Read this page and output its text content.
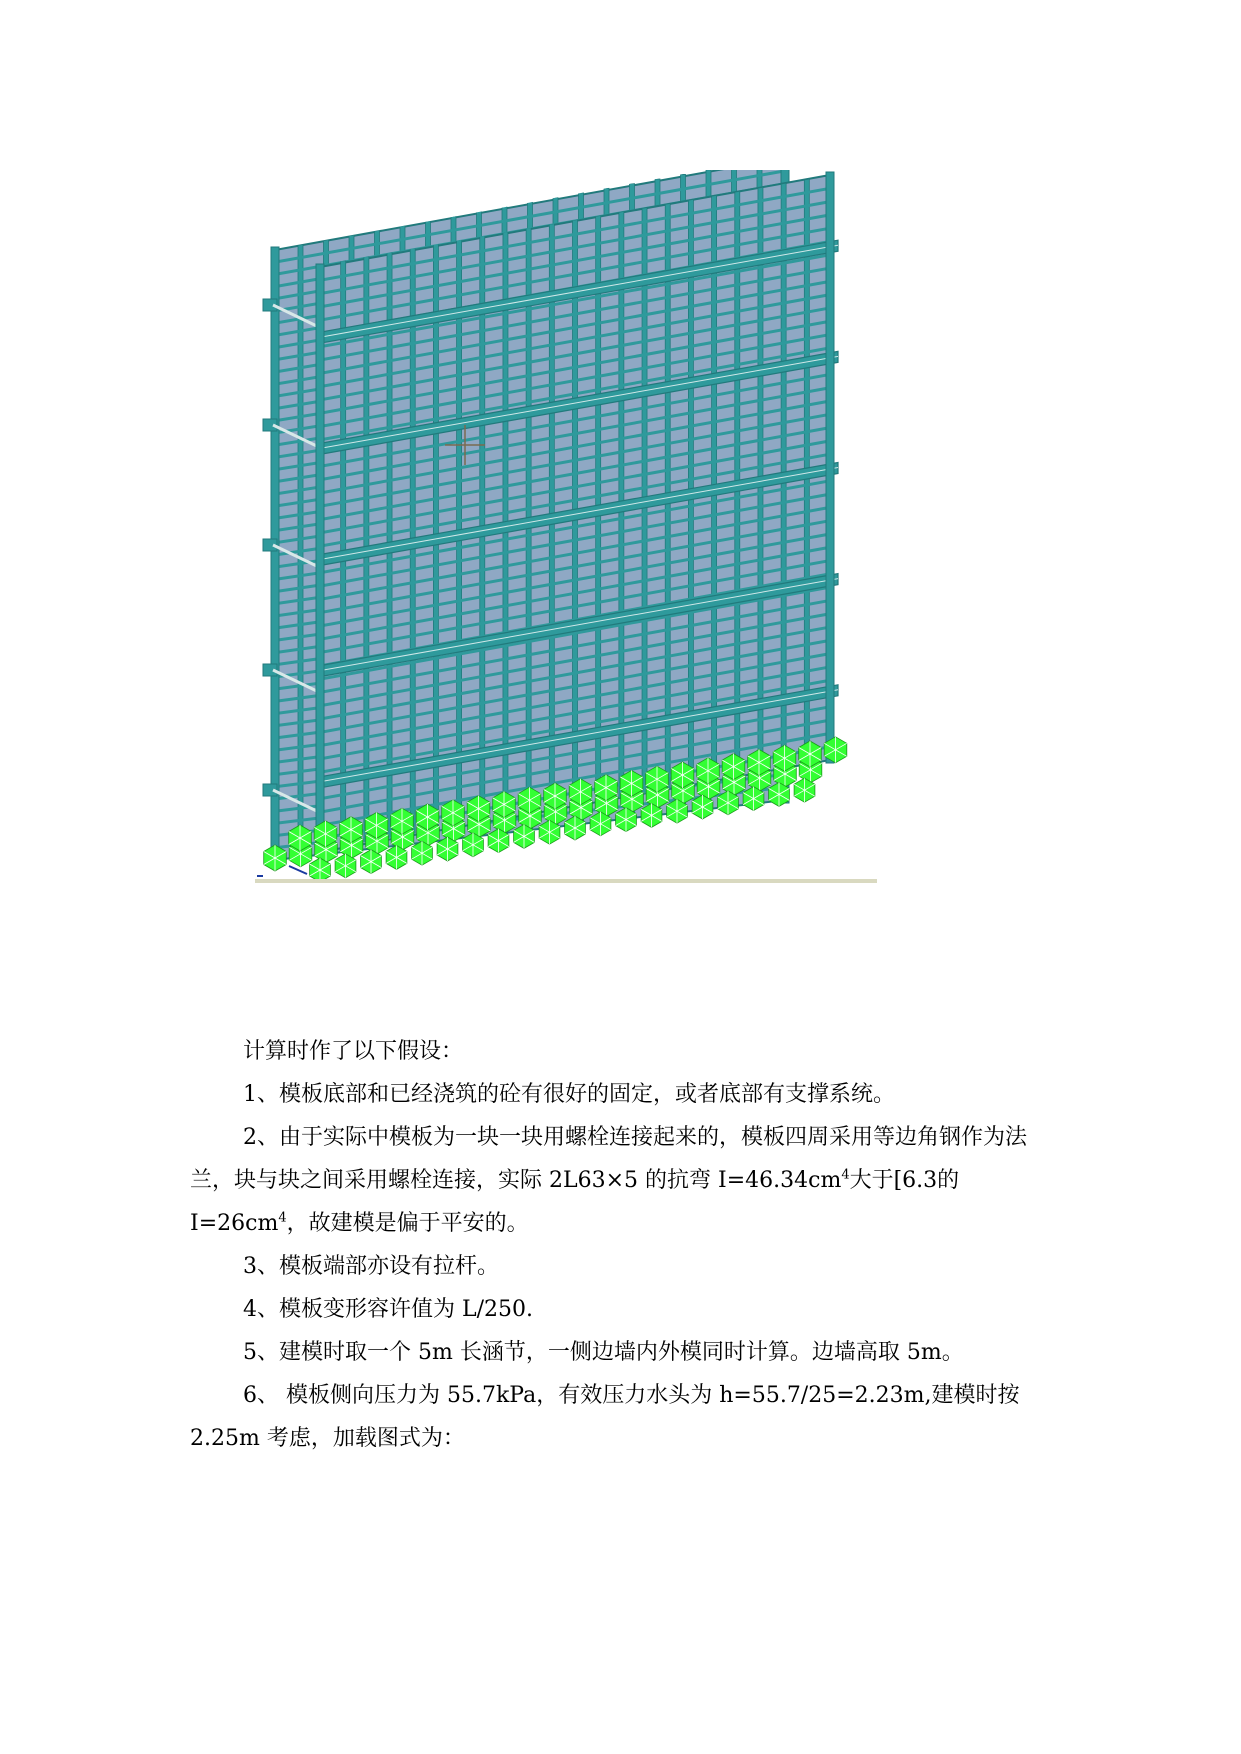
计算时作了以下假设：

1、模板底部和已经浇筑的砼有很好的固定，或者底部有支撑系统。

2、由于实际中模板为一块一块用螺栓连接起来的，模板四周采用等边角钢作为法兰，块与块之间采用螺栓连接，实际 2L63×5 的抗弯 $I=46.34cm^4$大于[6.3的 $I=26cm^4$，故建模是偏于平安的。

3、模板端部亦设有拉杆。

4、模板变形容许值为 L/250.

5、建模时取一个 5m 长涵节，一侧边墙内外模同时计算。边墙高取 5m。

6、 模板侧向压力为 55.7kPa，有效压力水头为 h=55.7/25=2.23m,建模时按2.25m 考虑，加载图式为：
